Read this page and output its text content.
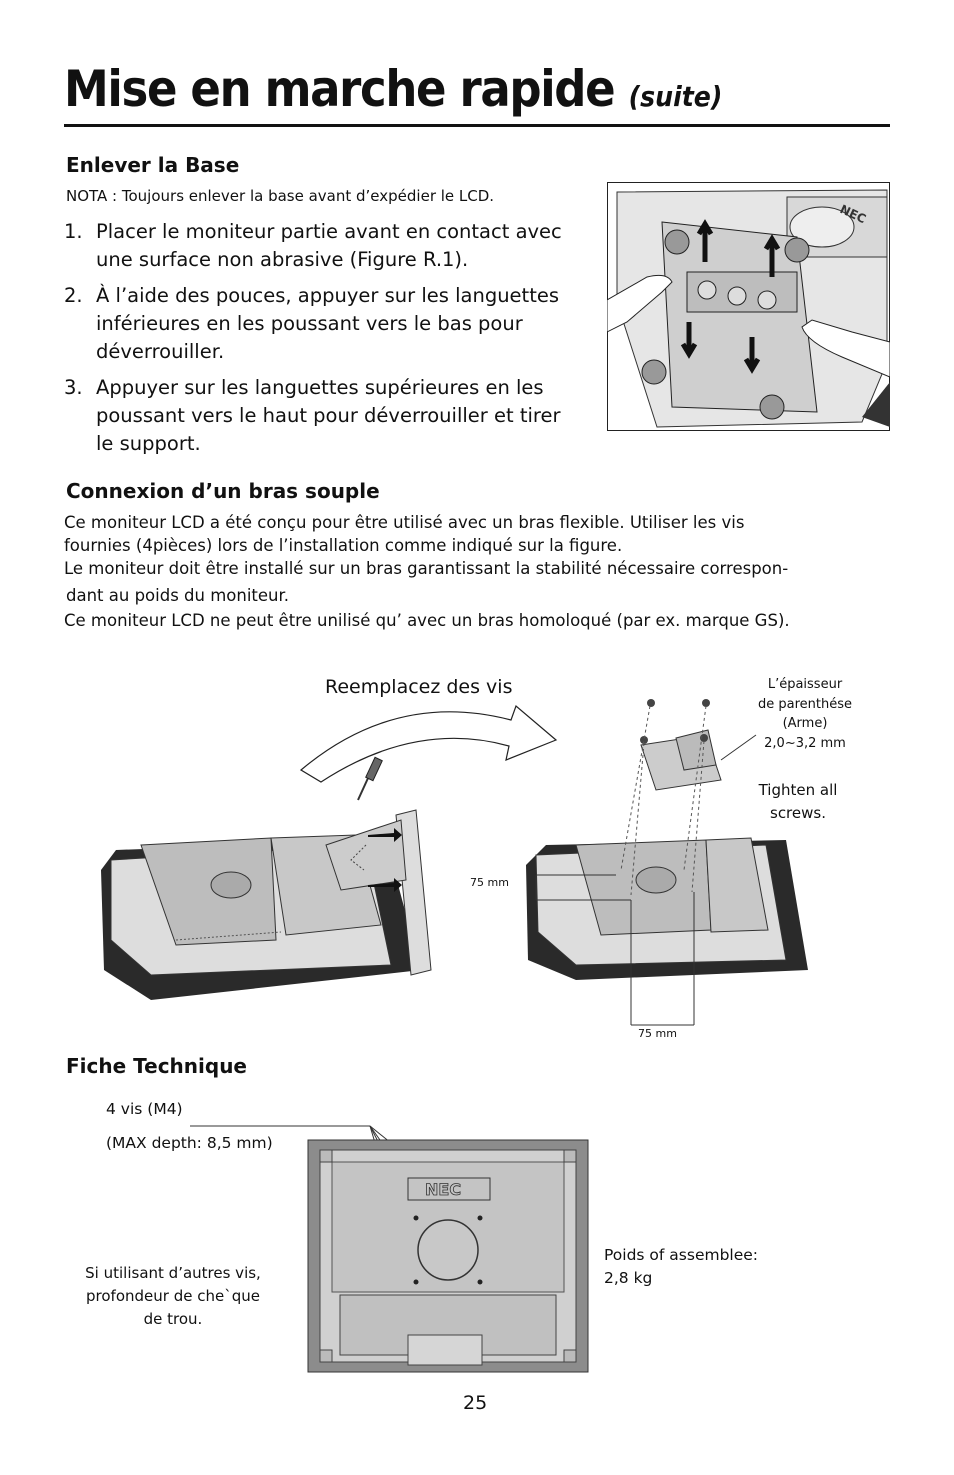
Mise en marche rapide (suite)
Enlever la Base
NOTA : Toujours enlever la base avant d’expédier le LCD.
1. Placer le moniteur partie avant en contact avec une surface non abrasive (Figure R.1).
2. À l’aide des pouces, appuyer sur les languettes inférieures en les poussant vers le bas pour déverrouiller.
3. Appuyer sur les languettes supérieures en les poussant vers le haut pour déverrouiller et tirer le support.
NEC
Connexion d’un bras souple
Ce moniteur LCD a été conçu pour être utilisé avec un bras flexible. Utiliser les vis
fournies (4pièces) lors de l’installation comme indiqué sur la figure.
Le moniteur doit être installé sur un bras garantissant la stabilité nécessaire correspon-
dant au poids du moniteur.
Ce moniteur LCD ne peut être unilisé qu’ avec un bras homoloqué (par ex. marque GS).
Reemplacez des vis	L’épaisseur
de parenthése
(Arme)
2,0~3,2 mm
Tighten all
screws.
75 mm
75 mm
Fiche Technique
4 vis (M4)
(MAX depth: 8,5 mm)
NEC
Si utilisant d’autres vis,
profondeur de che`que
de trou.
Poids of assemblee:
2,8 kg
25
